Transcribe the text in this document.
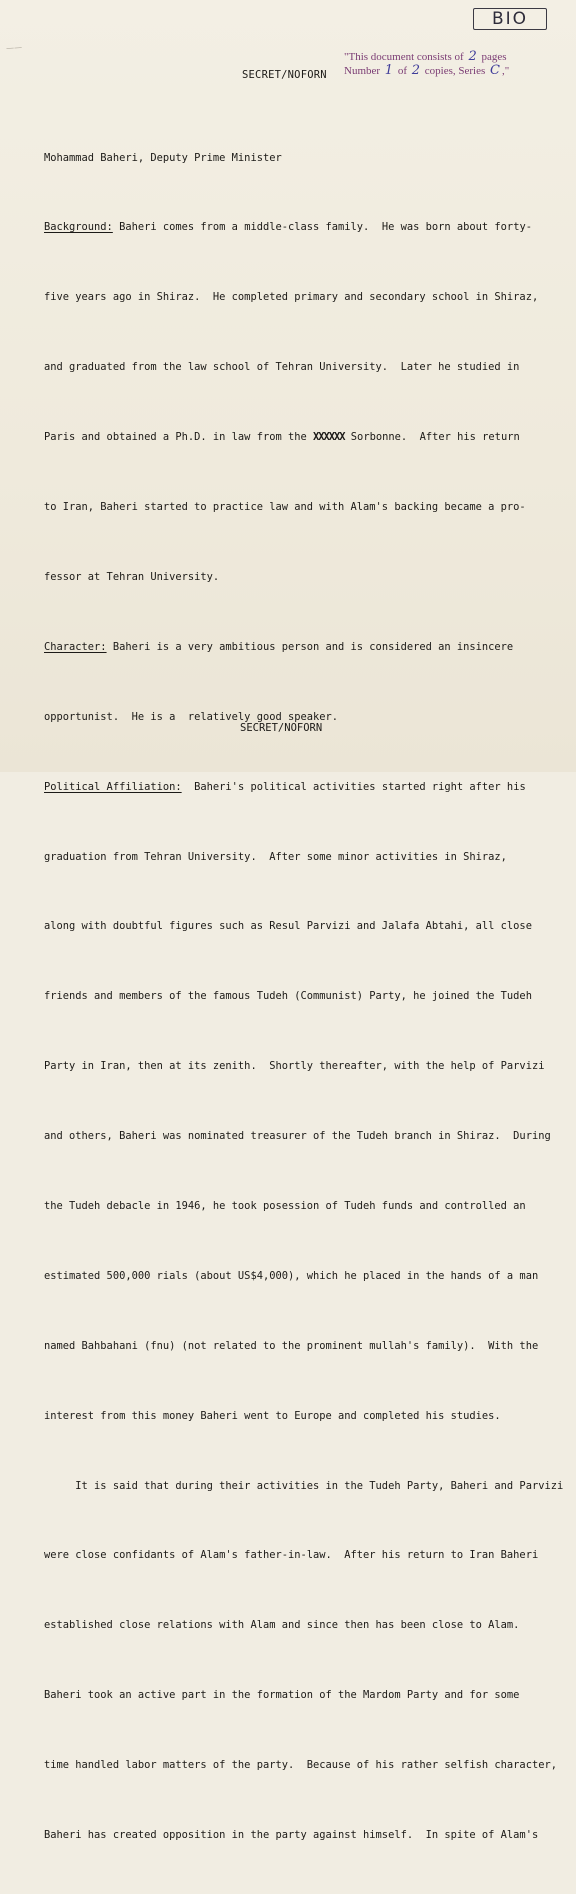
BIO
——
"This document consists of 2 pages
Number 1 of 2 copies, Series C ,"
SECRET/NOFORN

Mohammad Baheri, Deputy Prime Minister

Background: Baheri comes from a middle-class family.  He was born about forty-

five years ago in Shiraz.  He completed primary and secondary school in Shiraz,

and graduated from the law school of Tehran University.  Later he studied in

Paris and obtained a Ph.D. in law from the XXXXXX Sorbonne.  After his return

to Iran, Baheri started to practice law and with Alam's backing became a pro-

fessor at Tehran University.

Character: Baheri is a very ambitious person and is considered an insincere

opportunist.  He is a  relatively good speaker.

Political Affiliation:  Baheri's political activities started right after his

graduation from Tehran University.  After some minor activities in Shiraz,

along with doubtful figures such as Resul Parvizi and Jalafa Abtahi, all close

friends and members of the famous Tudeh (Communist) Party, he joined the Tudeh

Party in Iran, then at its zenith.  Shortly thereafter, with the help of Parvizi

and others, Baheri was nominated treasurer of the Tudeh branch in Shiraz.  During

the Tudeh debacle in 1946, he took posession of Tudeh funds and controlled an

estimated 500,000 rials (about US$4,000), which he placed in the hands of a man

named Bahbahani (fnu) (not related to the prominent mullah's family).  With the

interest from this money Baheri went to Europe and completed his studies.

It is said that during their activities in the Tudeh Party, Baheri and Parvizi

were close confidants of Alam's father-in-law.  After his return to Iran Baheri

established close relations with Alam and since then has been close to Alam.

Baheri took an active part in the formation of the Mardom Party and for some

time handled labor matters of the party.  Because of his rather selfish character,

Baheri has created opposition in the party against himself.  In spite of Alam's

SECRET/NOFORN
